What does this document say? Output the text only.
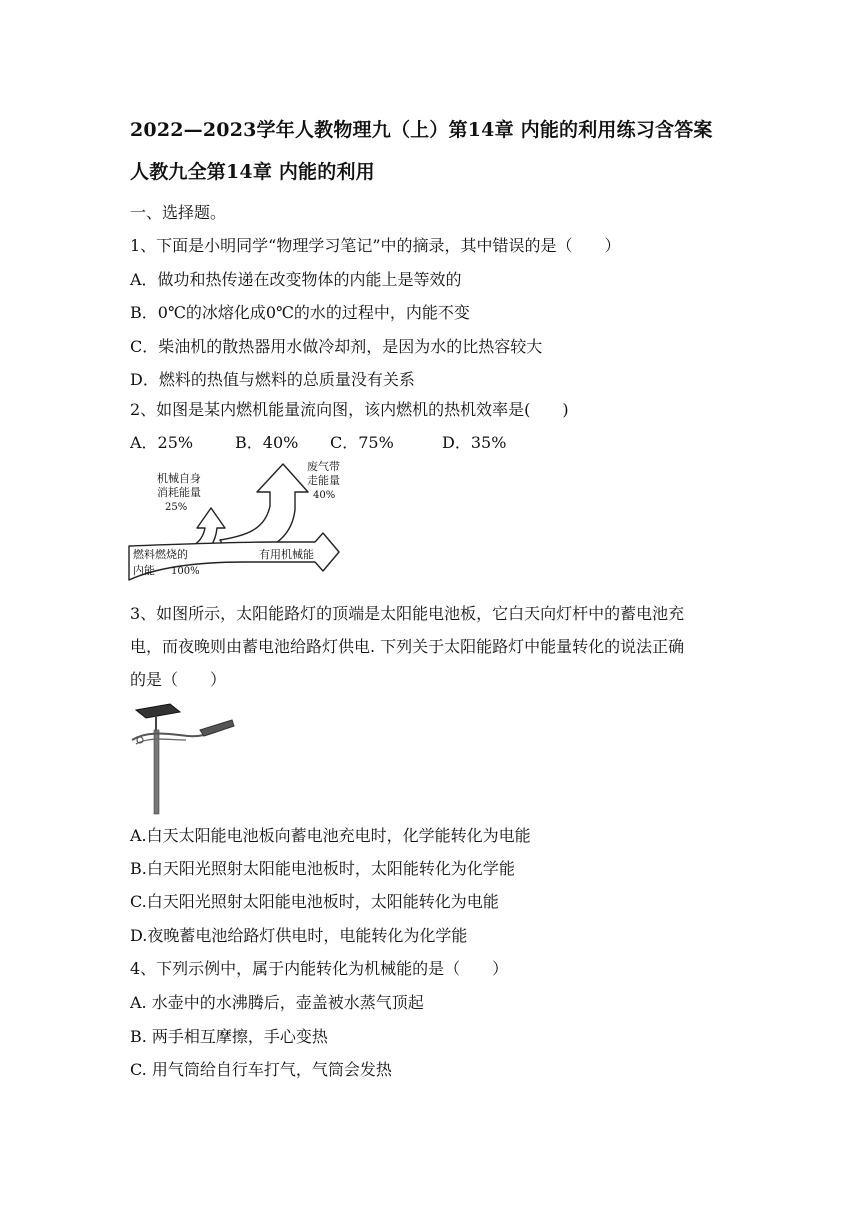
2022—2023学年人教物理九（上）第14章 内能的利用练习含答案
人教九全第14章 内能的利用
一、选择题。
1、下面是小明同学“物理学习笔记”中的摘录，其中错误的是（　　）
A．做功和热传递在改变物体的内能上是等效的
B．0℃的冰熔化成0℃的水的过程中，内能不变
C．柴油机的散热器用水做冷却剂，是因为水的比热容较大
D．燃料的热值与燃料的总质量没有关系
2、如图是某内燃机能量流向图，该内燃机的热机效率是(　　)
A．25%	B．40% C．75%	D．35%
机械自身
消耗能量
25%
废气带
走能量
40%
燃料燃烧的
内能 100%
有用机械能
3、如图所示，太阳能路灯的顶端是太阳能电池板，它白天向灯杆中的蓄电池充
电，而夜晚则由蓄电池给路灯供电. 下列关于太阳能路灯中能量转化的说法正确
的是（　　）
A.白天太阳能电池板向蓄电池充电时，化学能转化为电能
B.白天阳光照射太阳能电池板时，太阳能转化为化学能
C.白天阳光照射太阳能电池板时，太阳能转化为电能
D.夜晚蓄电池给路灯供电时，电能转化为化学能
4、下列示例中，属于内能转化为机械能的是（　　）
A. 水壶中的水沸腾后，壶盖被水蒸气顶起
B. 两手相互摩擦，手心变热
C. 用气筒给自行车打气，气筒会发热
